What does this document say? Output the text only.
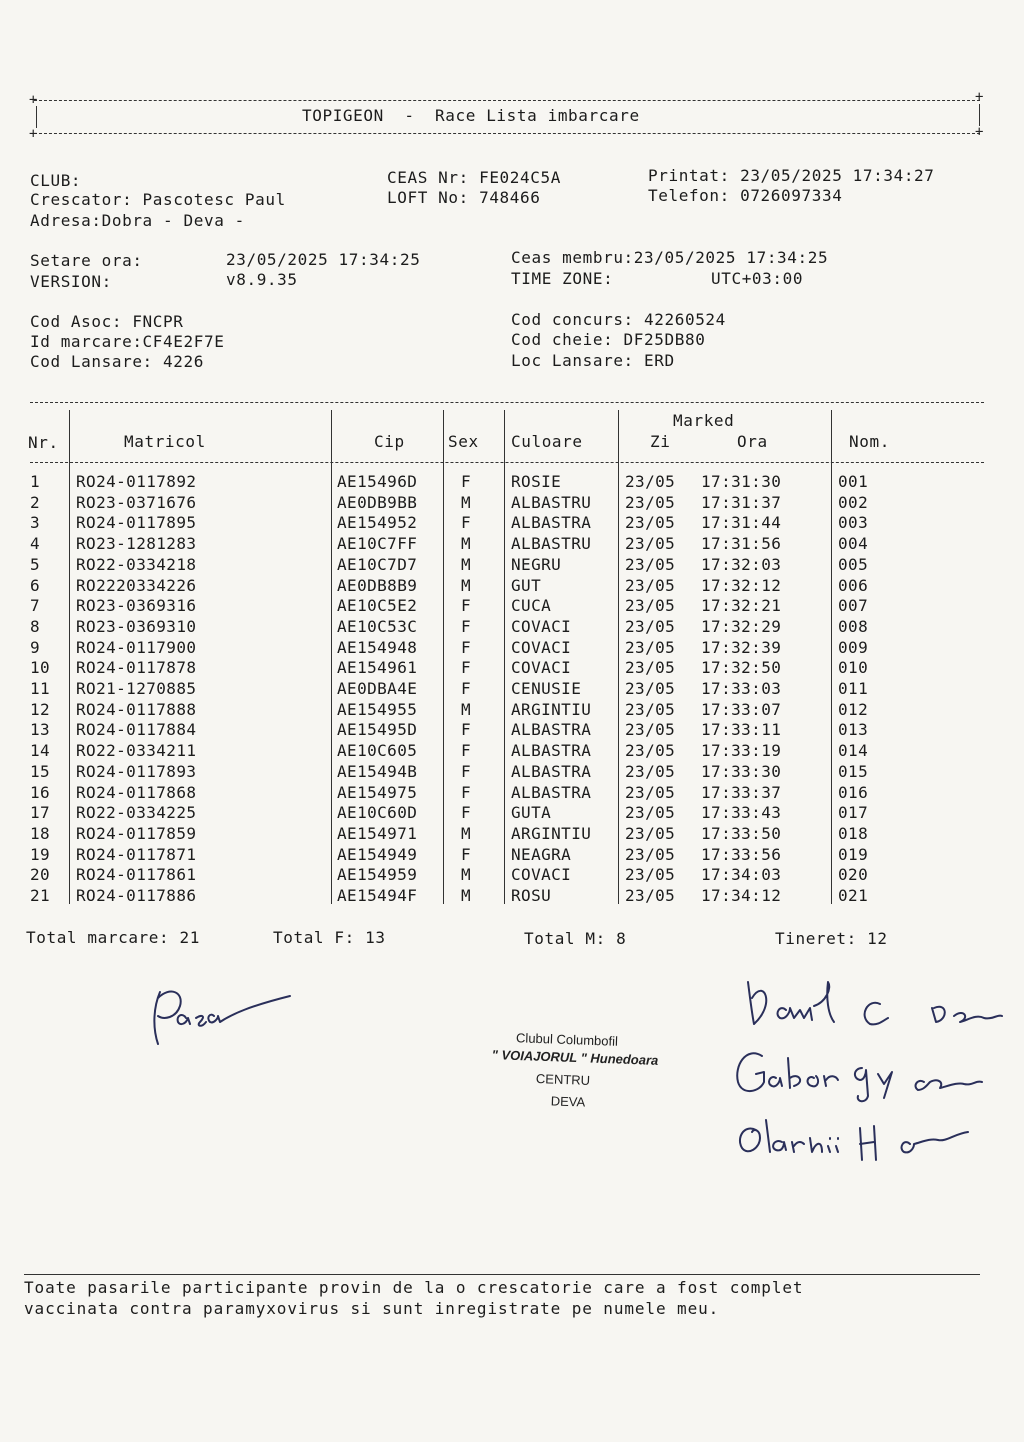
+	+
+	+
TOPIGEON  -  Race Lista imbarcare
CLUB:
Crescator: Pascotesc Paul
Adresa:Dobra - Deva -
CEAS Nr: FE024C5A
LOFT No: 748466
Printat: 23/05/2025 17:34:27
Telefon: 0726097334
Setare ora:	23/05/2025 17:34:25
VERSION:	v8.9.35
Ceas membru:23/05/2025 17:34:25
TIME ZONE:	UTC+03:00
Cod Asoc: FNCPR
Id marcare:CF4E2F7E
Cod Lansare: 4226
Cod concurs: 42260524
Cod cheie: DF25DB80
Loc Lansare: ERD
Nr.	Matricol	Cip	Sex Culoare
Marked
Zi	Ora	Nom.
1 RO24-0117892	AE15496D	F ROSIE	23/05 17:31:30	001
2 RO23-0371676	AE0DB9BB	M ALBASTRU 23/05 17:31:37	002
3 RO24-0117895	AE154952	F ALBASTRA 23/05 17:31:44	003
4 RO23-1281283	AE10C7FF	M ALBASTRU 23/05 17:31:56	004
5 RO22-0334218	AE10C7D7	M NEGRU	23/05 17:32:03	005
6 RO2220334226	AE0DB8B9	M GUT	23/05 17:32:12	006
7 RO23-0369316	AE10C5E2	F CUCA	23/05 17:32:21	007
8 RO23-0369310	AE10C53C	F COVACI	23/05 17:32:29	008
9 RO24-0117900	AE154948	F COVACI	23/05 17:32:39	009
10 RO24-0117878	AE154961	F COVACI	23/05 17:32:50	010
11 RO21-1270885	AE0DBA4E	F CENUSIE	23/05 17:33:03	011
12 RO24-0117888	AE154955	M ARGINTIU 23/05 17:33:07	012
13 RO24-0117884	AE15495D	F ALBASTRA 23/05 17:33:11	013
14 RO22-0334211	AE10C605	F ALBASTRA 23/05 17:33:19	014
15 RO24-0117893	AE15494B	F ALBASTRA 23/05 17:33:30	015
16 RO24-0117868	AE154975	F ALBASTRA 23/05 17:33:37	016
17 RO22-0334225	AE10C60D	F GUTA	23/05 17:33:43	017
18 RO24-0117859	AE154971	M ARGINTIU 23/05 17:33:50	018
19 RO24-0117871	AE154949	F NEAGRA	23/05 17:33:56	019
20 RO24-0117861	AE154959	M COVACI	23/05 17:34:03	020
21 RO24-0117886	AE15494F	M ROSU	23/05 17:34:12	021
Total marcare: 21	Total F: 13	Total M: 8	Tineret: 12
Clubul Columbofil
" VOIAJORUL " Hunedoara
CENTRU
DEVA
Toate pasarile participante provin de la o crescatorie care a fost complet
vaccinata contra paramyxovirus si sunt inregistrate pe numele meu.
